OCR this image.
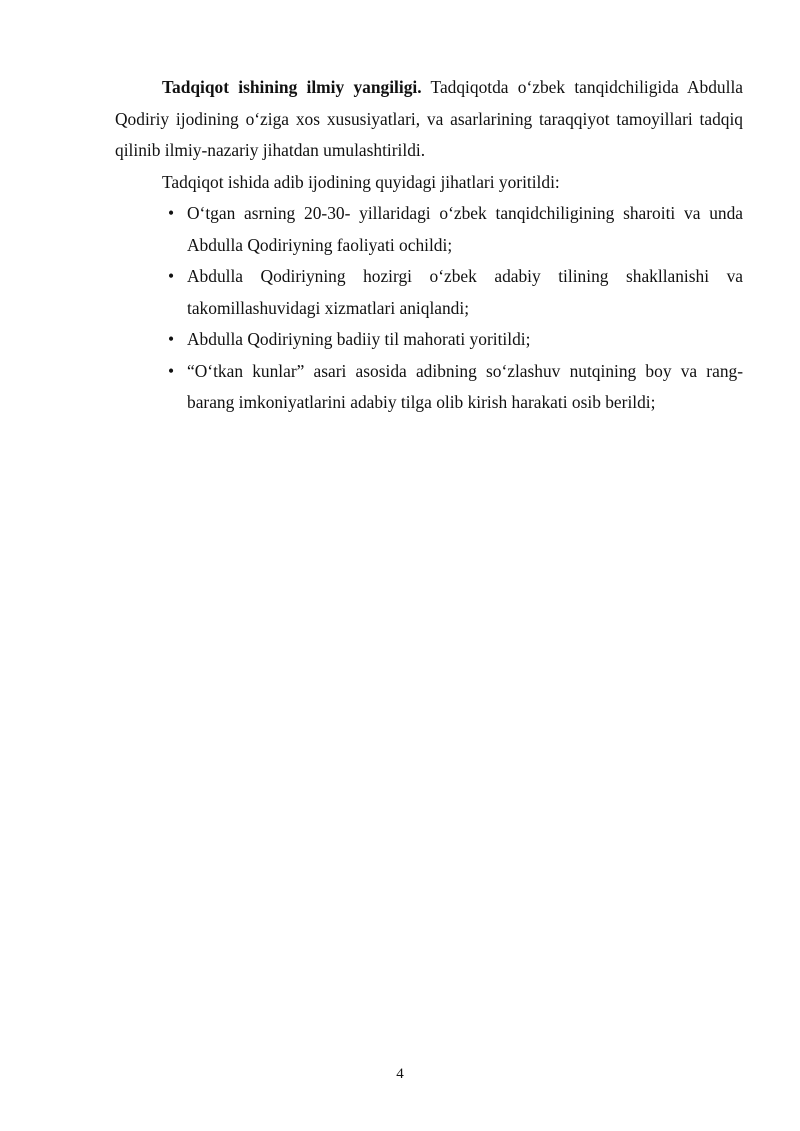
Tadqiqot ishining ilmiy yangiligi. Tadqiqotda o‘zbek tanqidchiligida Abdulla Qodiriy ijodining o‘ziga xos xususiyatlari, va asarlarining taraqqiyot tamoyillari tadqiq qilinib ilmiy-nazariy jihatdan umulashtirildi.

Tadqiqot ishida adib ijodining quyidagi jihatlari yoritildi:

• O‘tgan asrning 20-30- yillaridagi o‘zbek tanqidchiligining sharoiti va unda Abdulla Qodiriyning faoliyati ochildi;
• Abdulla Qodiriyning hozirgi o‘zbek adabiy tilining shakllanishi va takomillashuvidagi xizmatlari aniqlandi;
• Abdulla Qodiriyning badiiy til mahorati yoritildi;
• “O‘tkan kunlar” asari asosida adibning so‘zlashuv nutqining boy va rang-barang imkoniyatlarini adabiy tilga olib kirish harakati osib berildi;
4
